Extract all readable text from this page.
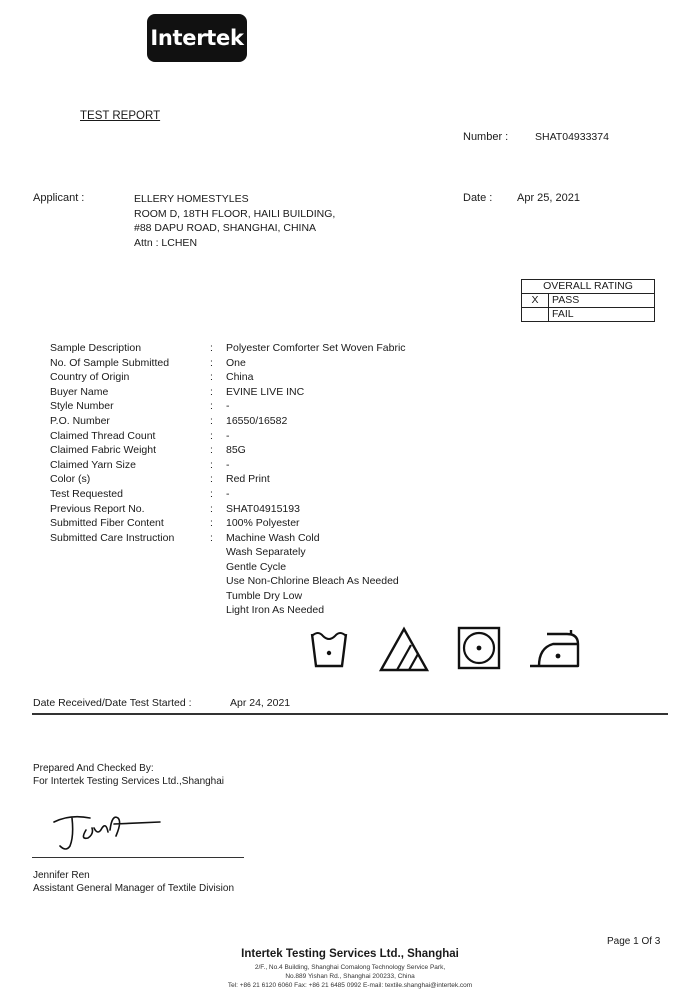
Intertek
TEST REPORT
Number :	SHAT04933374
Applicant :	ELLERY HOMESTYLES
ROOM D, 18TH FLOOR, HAILI BUILDING,
#88 DAPU ROAD, SHANGHAI, CHINA
Attn : LCHEN
Date : Apr 25, 2021
OVERALL RATING	
X	PASS
	FAIL
Sample Description	:	Polyester Comforter Set Woven Fabric
No. Of Sample Submitted	:	One
Country of Origin	:	China
Buyer Name	:	EVINE LIVE INC
Style Number	:	-
P.O. Number	:	16550/16582
Claimed Thread Count	:	-
Claimed Fabric Weight	:	85G
Claimed Yarn Size	:	-
Color (s)	:	Red Print
Test Requested	:	-
Previous Report No.	:	SHAT04915193
Submitted Fiber Content	:	100% Polyester
Submitted Care Instruction	:	Machine Wash Cold
Wash Separately
Gentle Cycle
Use Non-Chlorine Bleach As Needed
Tumble Dry Low
Light Iron As Needed
Date Received/Date Test Started :	Apr 24, 2021
Prepared And Checked By:
For Intertek Testing Services Ltd.,Shanghai
Jennifer Ren
Assistant General Manager of Textile Division
Page 1 Of 3
Intertek Testing Services Ltd., Shanghai
2/F., No.4 Building, Shanghai Comalong Technology Service Park,
No.889 Yishan Rd., Shanghai 200233, China
Tel: +86 21 6120 6060 Fax: +86 21 6485 0992 E-mail: textile.shanghai@intertek.com
